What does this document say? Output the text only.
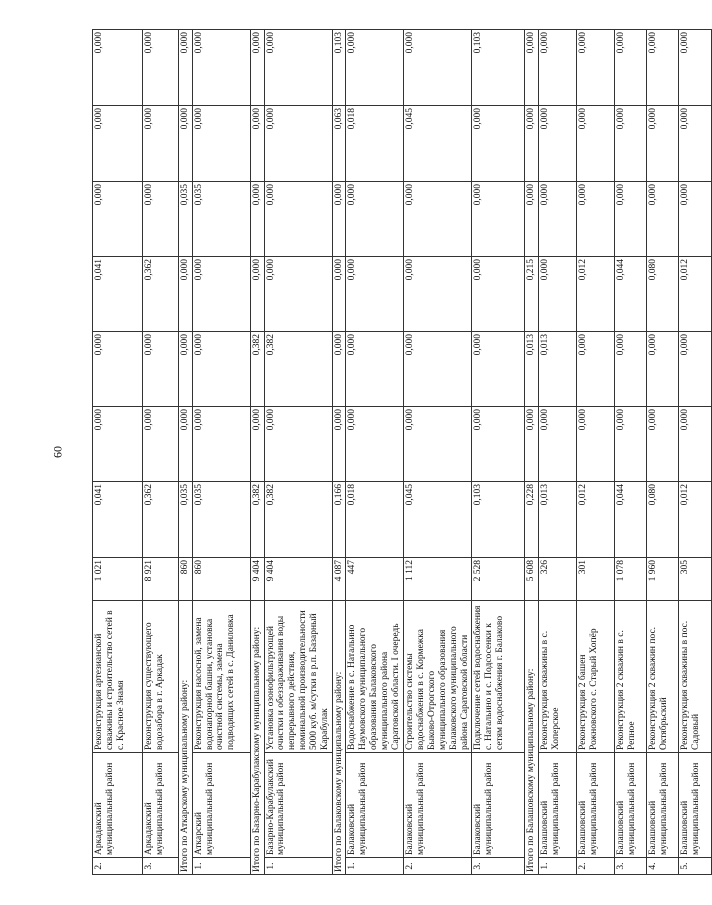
60
2.	Аркадакский муниципальный район	Реконструкция артезианской скважины и строительство сетей в с. Красное Знамя	1 021	0,041	0,000	0,000	0,041	0,000	0,000	0,000
3.	Аркадакский муниципальный район	Реконструкция существующего водозабора в г. Аркадак	8 921	0,362	0,000	0,000	0,362	0,000	0,000	0,000
Итого по Аткарскому муниципальному району:			860	0,035	0,000	0,000	0,000	0,035	0,000	0,000
1.	Аткарский муниципальный район	Реконструкция насосной, замена водонапорной башни, установка очистной системы, замена подводящих сетей в с. Даниловка	860	0,035	0,000	0,000	0,000	0,035	0,000	0,000
Итого по Базарно-Карабулакскому муниципальному району:			9 404	0,382	0,000	0,382	0,000	0,000	0,000	0,000
1.	Базарно-Карабулакский муниципальный район	Установка озонофильтрующей очистки и обеззараживания воды непрерывного действия, номинальной производительности 5000 куб. м/сутки в р.п. Базарный Карабулак	9 404	0,382	0,000	0,382	0,000	0,000	0,000	0,000
Итого по Балаковскому муниципальному району:			4 087	0,166	0,000	0,000	0,000	0,000	0,063	0,103
1.	Балаковский муниципальный район	Водоснабжение в с. Натальино Наумовского муниципального образования Балаковского муниципального района Саратовской области. I очередь	447	0,018	0,000	0,000	0,000	0,000	0,018	0,000
2.	Балаковский муниципальный район	Строительство системы водоснабжения в с. Кормежка Быково-Отрогского муниципального образования Балаковского муниципального района Саратовской области	1 112	0,045	0,000	0,000	0,000	0,000	0,045	0,000
3.	Балаковский муниципальный район	Подключение сетей водоснабжения с. Натальино и с. Подсосенки к сетям водоснабжения г. Балаково	2 528	0,103	0,000	0,000	0,000	0,000	0,000	0,103
Итого по Балашовскому муниципальному району:			5 608	0,228	0,000	0,013	0,215	0,000	0,000	0,000
1.	Балашовский муниципальный район	Реконструкция скважины в с. Хоперское	326	0,013	0,000	0,013	0,000	0,000	0,000	0,000
2.	Балашовский муниципальный район	Реконструкция 2 башен Рожновского с. Старый Хопёр	301	0,012	0,000	0,000	0,012	0,000	0,000	0,000
3.	Балашовский муниципальный район	Реконструкция 2 скважин в с. Репное	1 078	0,044	0,000	0,000	0,044	0,000	0,000	0,000
4.	Балашовский муниципальный район	Реконструкция 2 скважин пос. Октябрьский	1 960	0,080	0,000	0,000	0,080	0,000	0,000	0,000
5.	Балашовский муниципальный район	Реконструкция скважины в пос. Садовый	305	0,012	0,000	0,000	0,012	0,000	0,000	0,000
